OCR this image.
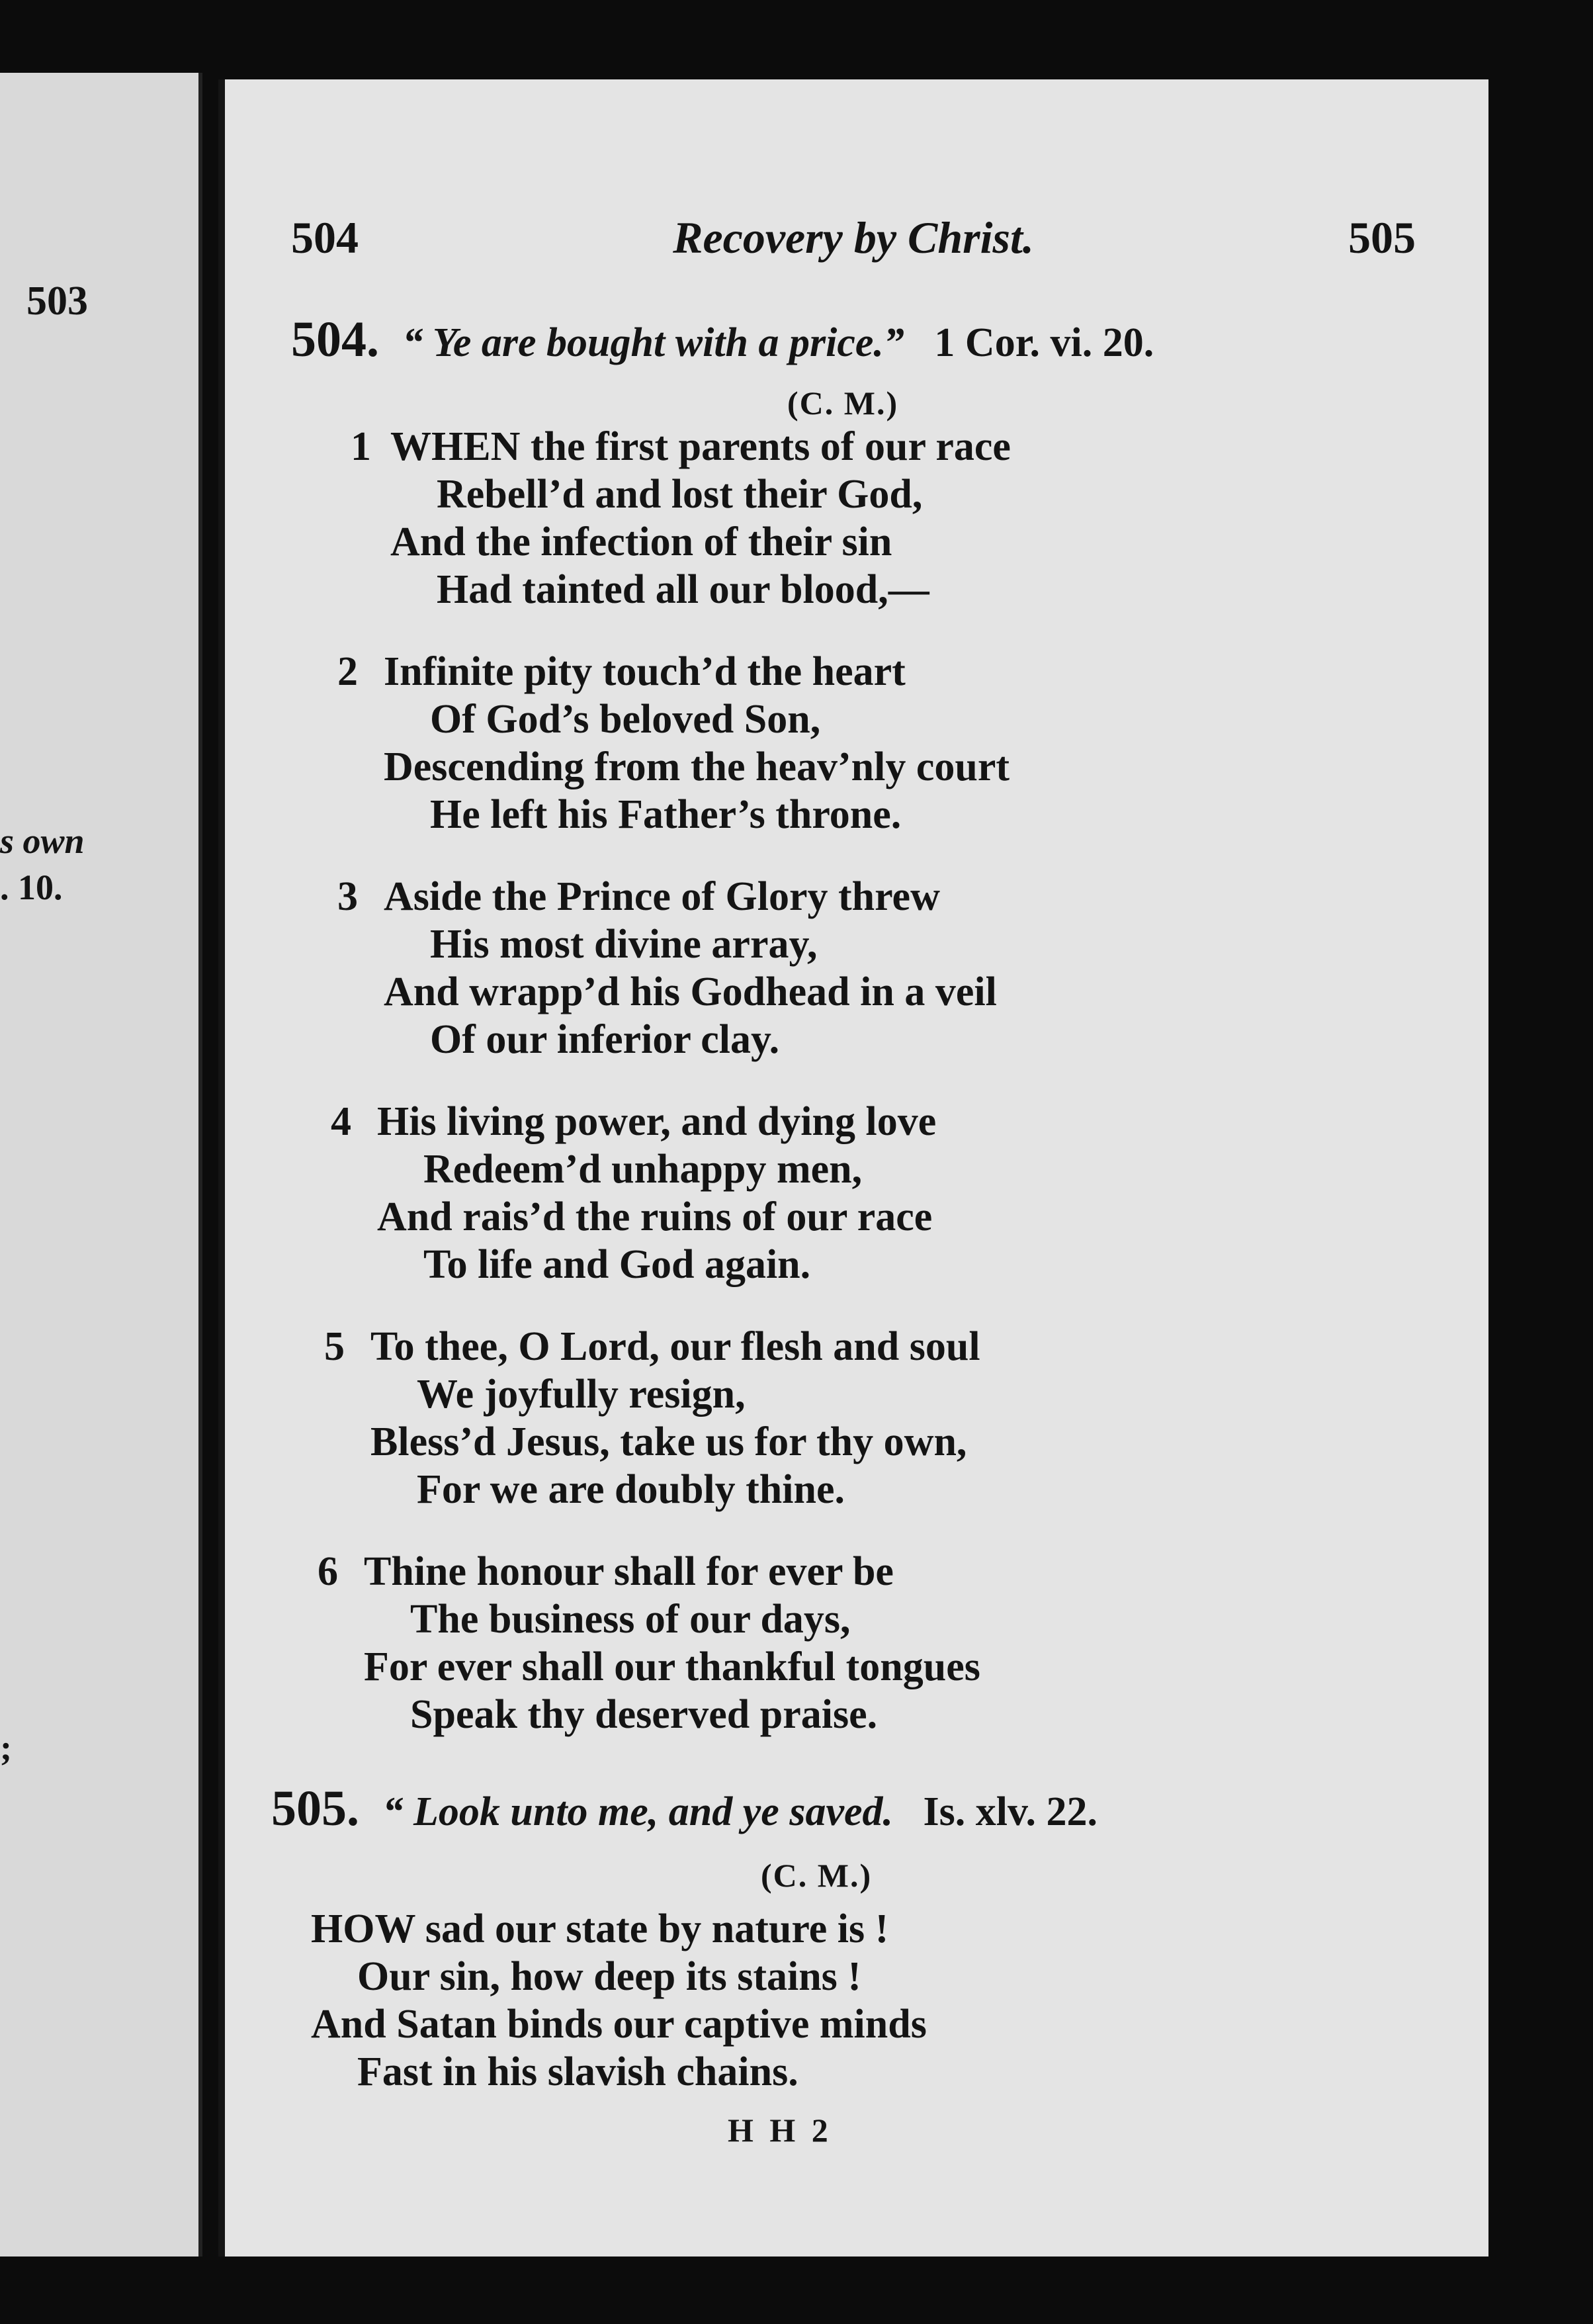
503
s own
. 10.
;
504	Recovery by Christ.	505
504. “ Ye are bought with a price.” 1 Cor. vi. 20.
(C. M.)
1 WHEN the first parents of our race
Rebell’d and lost their God,
And the infection of their sin
Had tainted all our blood,—
2 Infinite pity touch’d the heart
Of God’s beloved Son,
Descending from the heav’nly court
He left his Father’s throne.
3 Aside the Prince of Glory threw
His most divine array,
And wrapp’d his Godhead in a veil
Of our inferior clay.
4 His living power, and dying love
Redeem’d unhappy men,
And rais’d the ruins of our race
To life and God again.
5 To thee, O Lord, our flesh and soul
We joyfully resign,
Bless’d Jesus, take us for thy own,
For we are doubly thine.
6 Thine honour shall for ever be
The business of our days,
For ever shall our thankful tongues
Speak thy deserved praise.
505. “ Look unto me, and ye saved. Is. xlv. 22.
(C. M.)
HOW sad our state by nature is !
Our sin, how deep its stains !
And Satan binds our captive minds
Fast in his slavish chains.
H H 2
